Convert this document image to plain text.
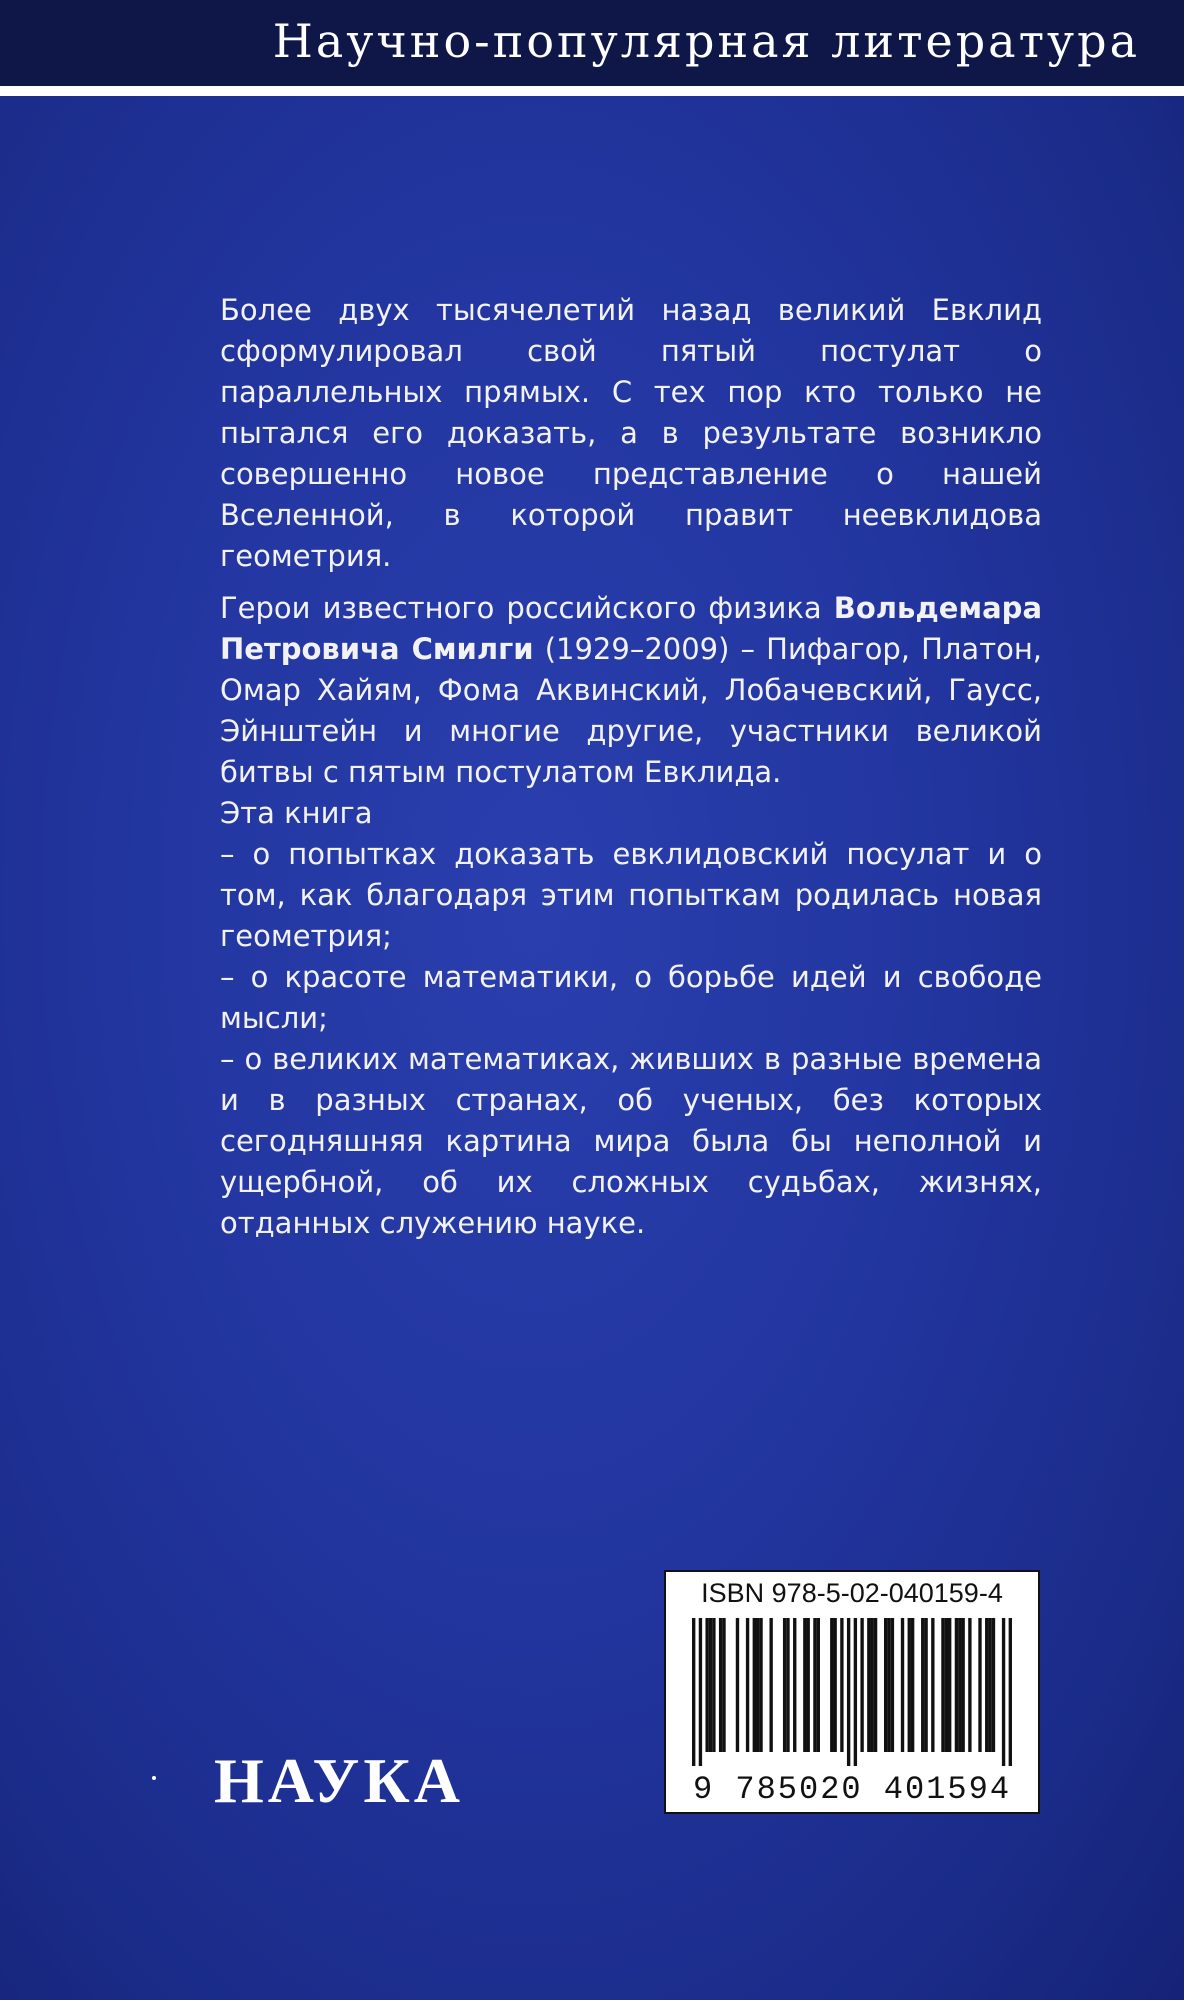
Научно-популярная литература

Более двух тысячелетий назад великий Евклид сформулировал свой пятый постулат о параллельных прямых. С тех пор кто только не пытался его доказать, а в результате возникло совершенно новое представление о нашей Вселенной, в которой правит неевклидова геометрия.

Герои известного российского физика Вольдемара Петровича Смилги (1929–2009) – Пифагор, Платон, Омар Хайям, Фома Аквинский, Лобачевский, Гаусс, Эйнштейн и многие другие, участники великой битвы с пятым постулатом Евклида.

Эта книга

– о попытках доказать евклидовский посулат и о том, как благодаря этим попыткам родилась новая геометрия;

– о красоте математики, о борьбе идей и свободе мысли;

– о великих математиках, живших в разные времена и в разных странах, об ученых, без которых сегодняшняя картина мира была бы неполной и ущербной, об их сложных судьбах, жизнях, отданных служению науке.

ISBN 978-5-02-040159-4
9 785020 401594
НАУКА
